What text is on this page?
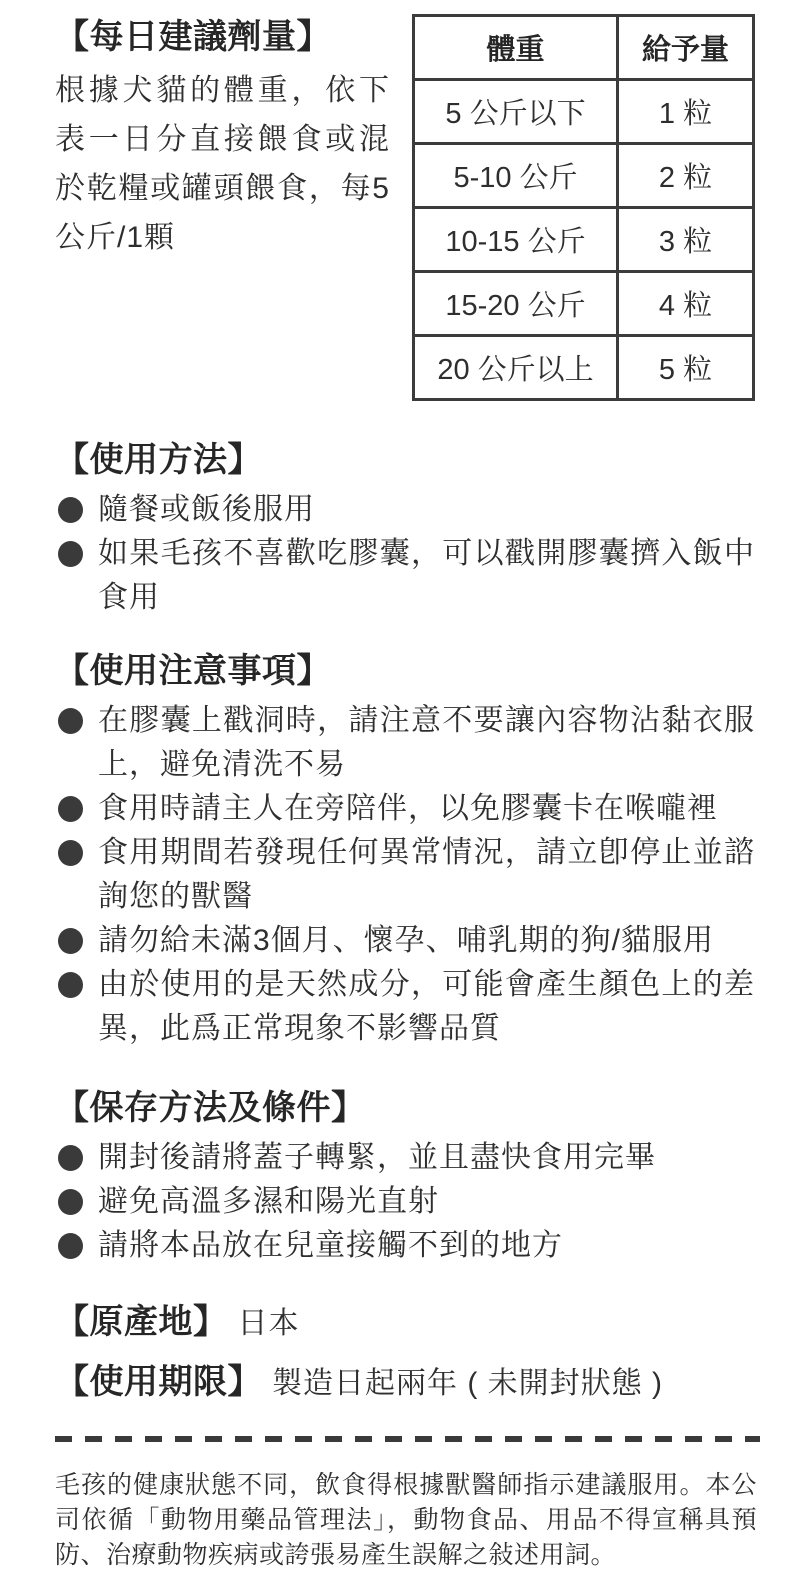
【每日建議劑量】
根據犬貓的體重，依下表一日分直接餵食或混於乾糧或罐頭餵食，每5公斤/1顆
體重	給予量
5 公斤以下	1 粒
5-10 公斤	2 粒
10-15 公斤	3 粒
15-20 公斤	4 粒
20 公斤以上	5 粒
【使用方法】
隨餐或飯後服用
如果毛孩不喜歡吃膠囊，可以戳開膠囊擠入飯中食用
【使用注意事項】
在膠囊上戳洞時，請注意不要讓內容物沾黏衣服上，避免清洗不易
食用時請主人在旁陪伴，以免膠囊卡在喉嚨裡
食用期間若發現任何異常情況，請立卽停止並諮詢您的獸醫
請勿給未滿3個月、懷孕、哺乳期的狗/貓服用
由於使用的是天然成分，可能會產生顏色上的差異，此爲正常現象不影響品質
【保存方法及條件】
開封後請將蓋子轉緊，並且盡快食用完畢
避免高溫多濕和陽光直射
請將本品放在兒童接觸不到的地方
【原產地】 日本
【使用期限】 製造日起兩年 ( 未開封狀態 )
毛孩的健康狀態不同，飲食得根據獸醫師指示建議服用。本公司依循「動物用藥品管理法」，動物食品、用品不得宣稱具預防、治療動物疾病或誇張易產生誤解之敍述用詞。
